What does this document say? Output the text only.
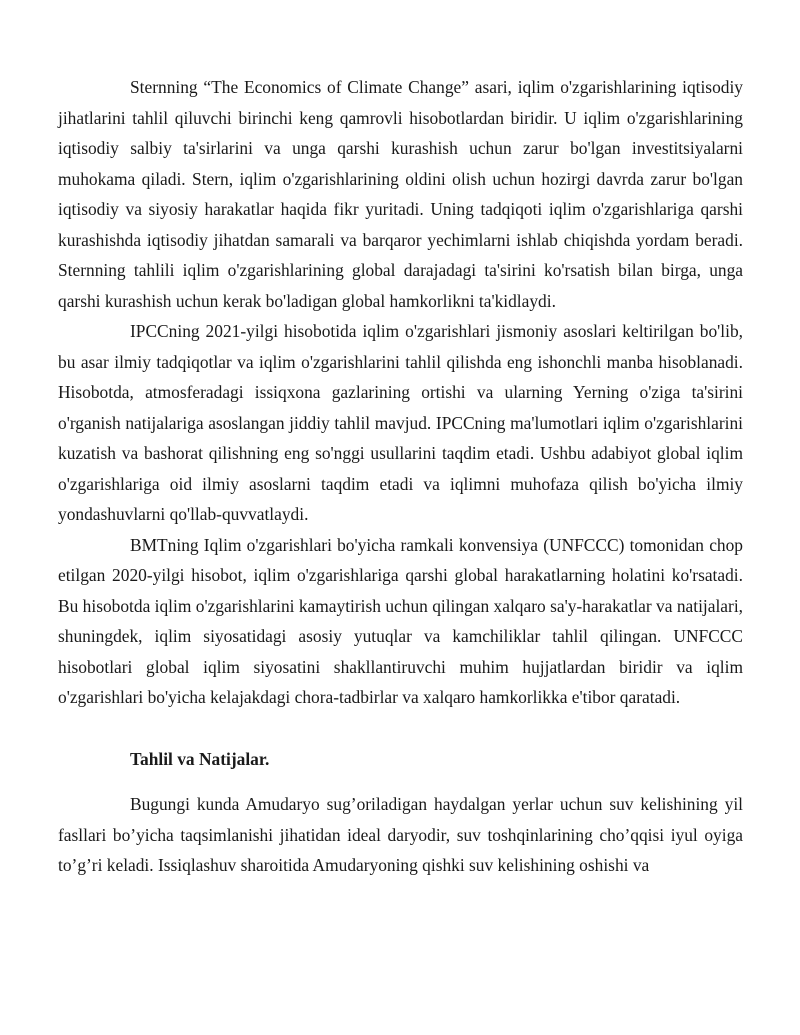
Sternning “The Economics of Climate Change” asari, iqlim o'zgarishlarining iqtisodiy jihatlarini tahlil qiluvchi birinchi keng qamrovli hisobotlardan biridir. U iqlim o'zgarishlarining iqtisodiy salbiy ta'sirlarini va unga qarshi kurashish uchun zarur bo'lgan investitsiyalarni muhokama qiladi. Stern, iqlim o'zgarishlarining oldini olish uchun hozirgi davrda zarur bo'lgan iqtisodiy va siyosiy harakatlar haqida fikr yuritadi. Uning tadqiqoti iqlim o'zgarishlariga qarshi kurashishda iqtisodiy jihatdan samarali va barqaror yechimlarni ishlab chiqishda yordam beradi. Sternning tahlili iqlim o'zgarishlarining global darajadagi ta'sirini ko'rsatish bilan birga, unga qarshi kurashish uchun kerak bo'ladigan global hamkorlikni ta'kidlaydi.

IPCCning 2021-yilgi hisobotida iqlim o'zgarishlari jismoniy asoslari keltirilgan bo'lib, bu asar ilmiy tadqiqotlar va iqlim o'zgarishlarini tahlil qilishda eng ishonchli manba hisoblanadi. Hisobotda, atmosferadagi issiqxona gazlarining ortishi va ularning Yerning o'ziga ta'sirini o'rganish natijalariga asoslangan jiddiy tahlil mavjud. IPCCning ma'lumotlari iqlim o'zgarishlarini kuzatish va bashorat qilishning eng so'nggi usullarini taqdim etadi. Ushbu adabiyot global iqlim o'zgarishlariga oid ilmiy asoslarni taqdim etadi va iqlimni muhofaza qilish bo'yicha ilmiy yondashuvlarni qo'llab-quvvatlaydi.

BMTning Iqlim o'zgarishlari bo'yicha ramkali konvensiya (UNFCCC) tomonidan chop etilgan 2020-yilgi hisobot, iqlim o'zgarishlariga qarshi global harakatlarning holatini ko'rsatadi. Bu hisobotda iqlim o'zgarishlarini kamaytirish uchun qilingan xalqaro sa'y-harakatlar va natijalari, shuningdek, iqlim siyosatidagi asosiy yutuqlar va kamchiliklar tahlil qilingan. UNFCCC hisobotlari global iqlim siyosatini shakllantiruvchi muhim hujjatlardan biridir va iqlim o'zgarishlari bo'yicha kelajakdagi chora-tadbirlar va xalqaro hamkorlikka e'tibor qaratadi.

Tahlil va Natijalar.

Bugungi kunda Amudaryo sug’oriladigan haydalgan yerlar uchun suv kelishining yil fasllari bo’yicha taqsimlanishi jihatidan ideal daryodir, suv toshqinlarining cho’qqisi iyul oyiga to’g’ri keladi. Issiqlashuv sharoitida Amudaryoning qishki suv kelishining oshishi va
